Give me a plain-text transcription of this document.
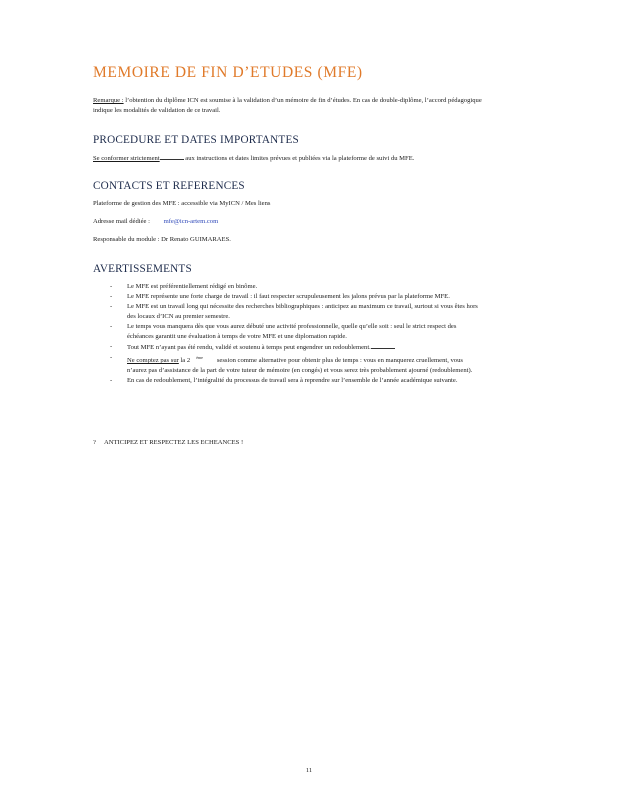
MEMOIRE DE FIN D’ETUDES (MFE)
Remarque : l’obtention du diplôme ICN est soumise à la validation d’un mémoire de fin d’études. En cas de double-diplôme, l’accord pédagogique indique les modalités de validation de ce travail.
PROCEDURE ET DATES IMPORTANTES
Se conformer strictement	aux instructions et dates limites prévues et publiées via la plateforme de suivi du MFE.
CONTACTS ET REFERENCES
Plateforme de gestion des MFE : accessible via MyICN / Mes liens
Adresse mail dédiée : mfe@icn-artem.com
Responsable du module : Dr Renato GUIMARAES.
AVERTISSEMENTS
- Le MFE est préférentiellement rédigé en binôme.
- Le MFE représente une forte charge de travail : il faut respecter scrupuleusement les jalons prévus par la plateforme MFE.
- Le MFE est un travail long qui nécessite des recherches bibliographiques : anticipez au maximum ce travail, surtout si vous êtes hors des locaux d’ICN au premier semestre.
- Le temps vous manquera dès que vous aurez débuté une activité professionnelle, quelle qu’elle soit : seul le strict respect des échéances garantit une évaluation à temps de votre MFE et une diplomation rapide.
- Tout MFE n’ayant pas été rendu, validé et soutenu à temps peut engendrer un redoublement.
- Ne comptez pas sur la 2 $^{ème}$ session comme alternative pour obtenir plus de temps : vous en manquerez cruellement, vous n’aurez pas d’assistance de la part de votre tuteur de mémoire (en congés) et vous serez très probablement ajourné (redoublement).
- En cas de redoublement, l’intégralité du processus de travail sera à reprendre sur l’ensemble de l’année académique suivante.
? ANTICIPEZ ET RESPECTEZ LES ECHEANCES !
11
